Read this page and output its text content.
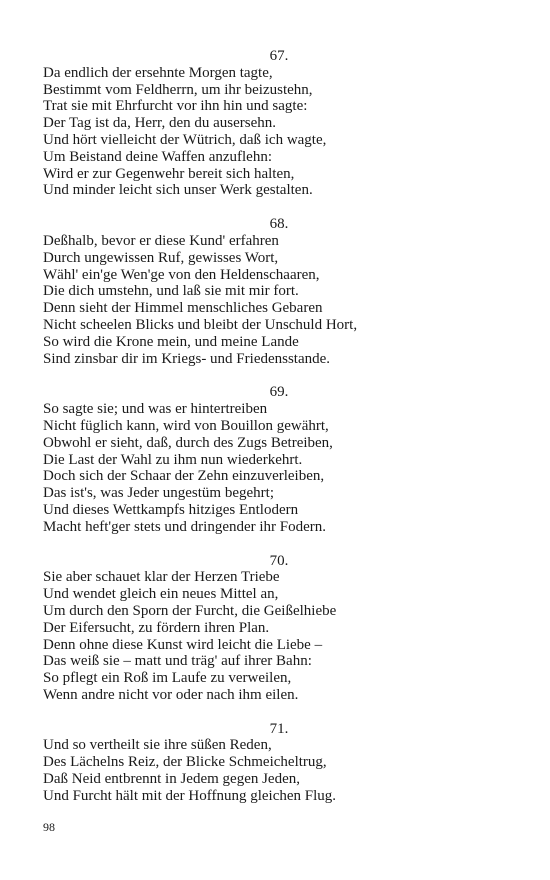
67.
Da endlich der ersehnte Morgen tagte,
Bestimmt vom Feldherrn, um ihr beizustehn,
Trat sie mit Ehrfurcht vor ihn hin und sagte:
Der Tag ist da, Herr, den du ausersehn.
Und hört vielleicht der Wütrich, daß ich wagte,
Um Beistand deine Waffen anzuflehn:
Wird er zur Gegenwehr bereit sich halten,
Und minder leicht sich unser Werk gestalten.
68.
Deßhalb, bevor er diese Kund' erfahren
Durch ungewissen Ruf, gewisses Wort,
Wähl' ein'ge Wen'ge von den Heldenschaaren,
Die dich umstehn, und laß sie mit mir fort.
Denn sieht der Himmel menschliches Gebaren
Nicht scheelen Blicks und bleibt der Unschuld Hort,
So wird die Krone mein, und meine Lande
Sind zinsbar dir im Kriegs- und Friedensstande.
69.
So sagte sie; und was er hintertreiben
Nicht füglich kann, wird von Bouillon gewährt,
Obwohl er sieht, daß, durch des Zugs Betreiben,
Die Last der Wahl zu ihm nun wiederkehrt.
Doch sich der Schaar der Zehn einzuverleiben,
Das ist's, was Jeder ungestüm begehrt;
Und dieses Wettkampfs hitziges Entlodern
Macht heft'ger stets und dringender ihr Fodern.
70.
Sie aber schauet klar der Herzen Triebe
Und wendet gleich ein neues Mittel an,
Um durch den Sporn der Furcht, die Geißelhiebe
Der Eifersucht, zu fördern ihren Plan.
Denn ohne diese Kunst wird leicht die Liebe –
Das weiß sie – matt und träg' auf ihrer Bahn:
So pflegt ein Roß im Laufe zu verweilen,
Wenn andre nicht vor oder nach ihm eilen.
71.
Und so vertheilt sie ihre süßen Reden,
Des Lächelns Reiz, der Blicke Schmeicheltrug,
Daß Neid entbrennt in Jedem gegen Jeden,
Und Furcht hält mit der Hoffnung gleichen Flug.
98
